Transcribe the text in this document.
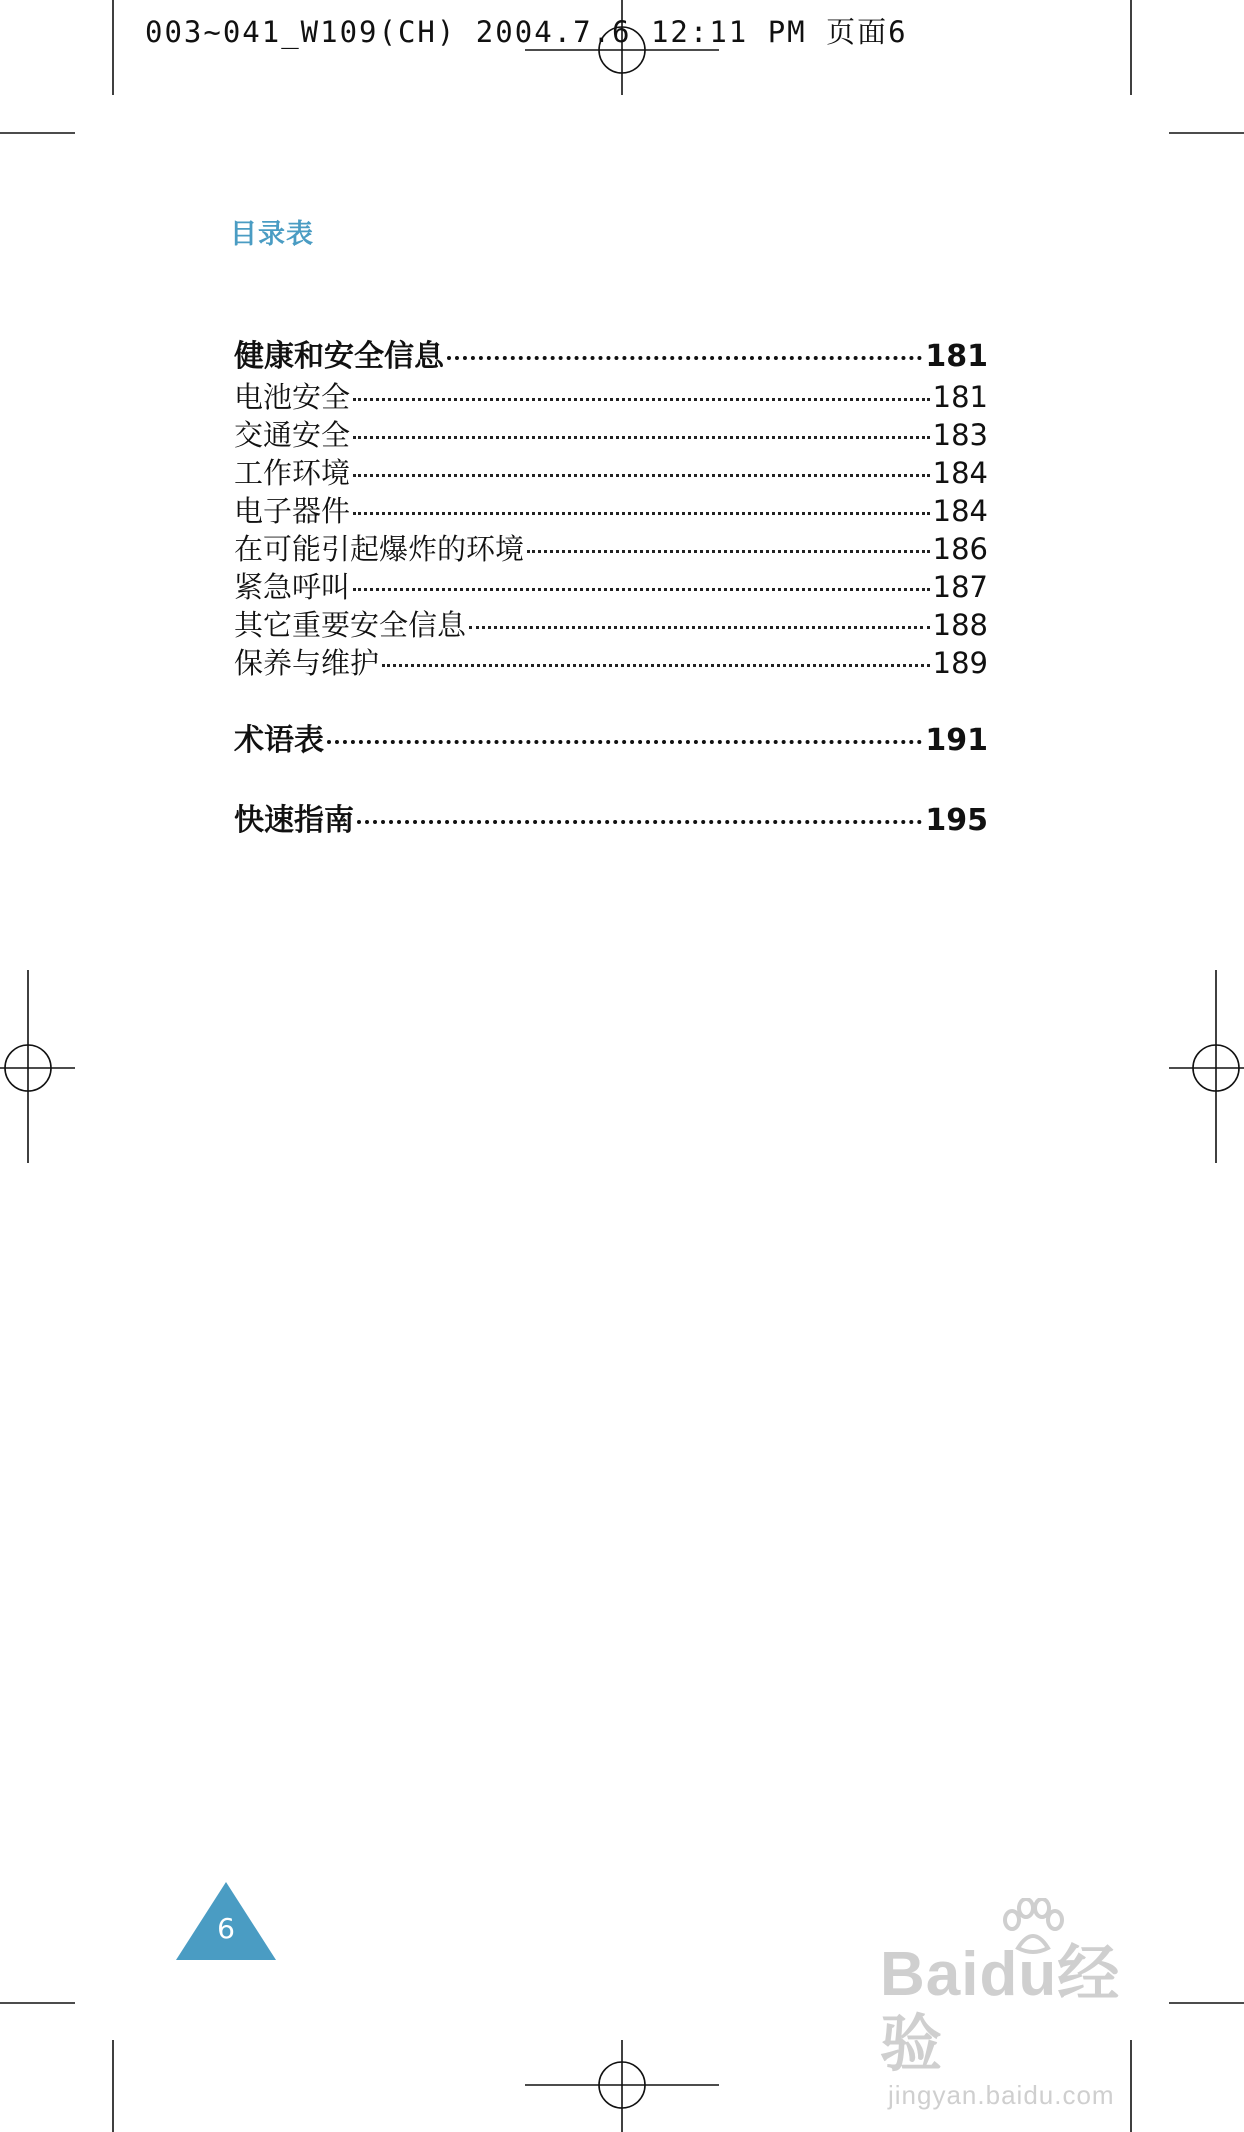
003~041_W109(CH) 2004.7.6 12:11 PM 页面6
目录表
健康和安全信息	181
电池安全	181
交通安全	183
工作环境	184
电子器件	184
在可能引起爆炸的环境	186
紧急呼叫	187
其它重要安全信息	188
保养与维护	189
术语表	191
快速指南	195
6
Baidu经验
jingyan.baidu.com
